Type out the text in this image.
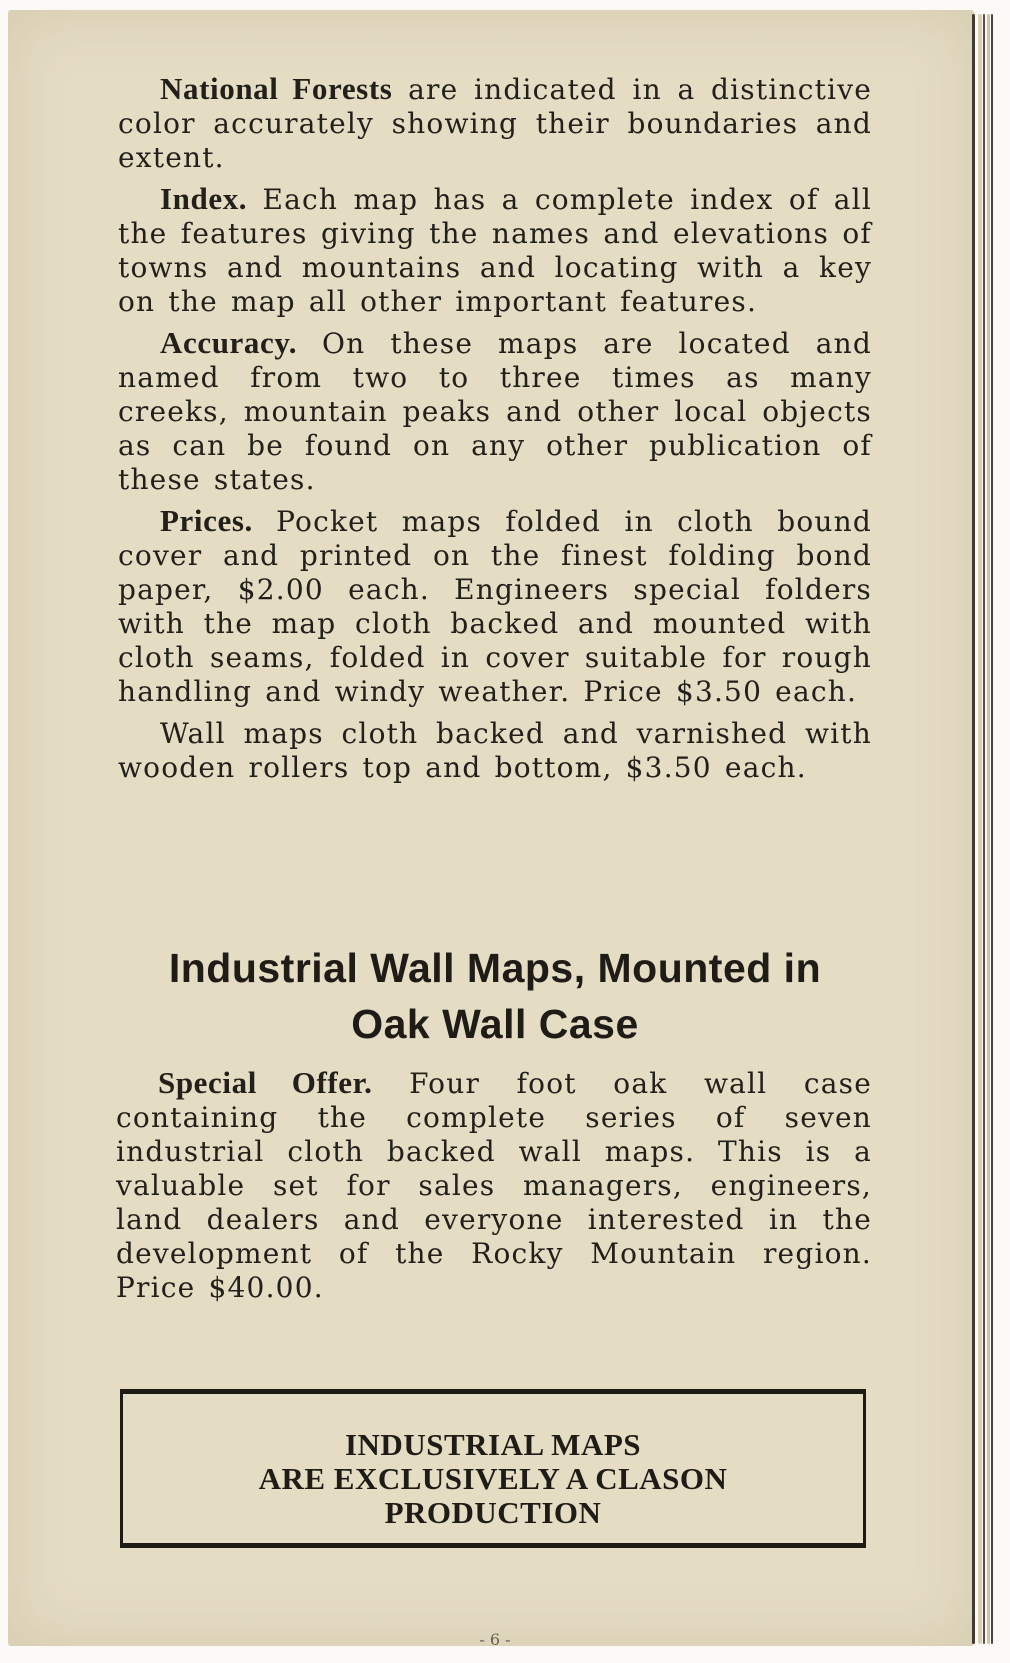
National Forests are indicated in a distinctive color accurately showing their boundaries and extent.

Index. Each map has a complete index of all the features giving the names and elevations of towns and mountains and locating with a key on the map all other important features.

Accuracy. On these maps are located and named from two to three times as many creeks, mountain peaks and other local objects as can be found on any other publication of these states.

Prices. Pocket maps folded in cloth bound cover and printed on the finest folding bond paper, $2.00 each. Engineers special folders with the map cloth backed and mounted with cloth seams, folded in cover suitable for rough handling and windy weather. Price $3.50 each.

Wall maps cloth backed and varnished with wooden rollers top and bottom, $3.50 each.

Industrial Wall Maps, Mounted in
Oak Wall Case

Special Offer. Four foot oak wall case containing the complete series of seven industrial cloth backed wall maps. This is a valuable set for sales managers, engineers, land dealers and everyone interested in the development of the Rocky Mountain region. Price $40.00.

INDUSTRIAL MAPS
ARE EXCLUSIVELY A CLASON
PRODUCTION
- 6 -
